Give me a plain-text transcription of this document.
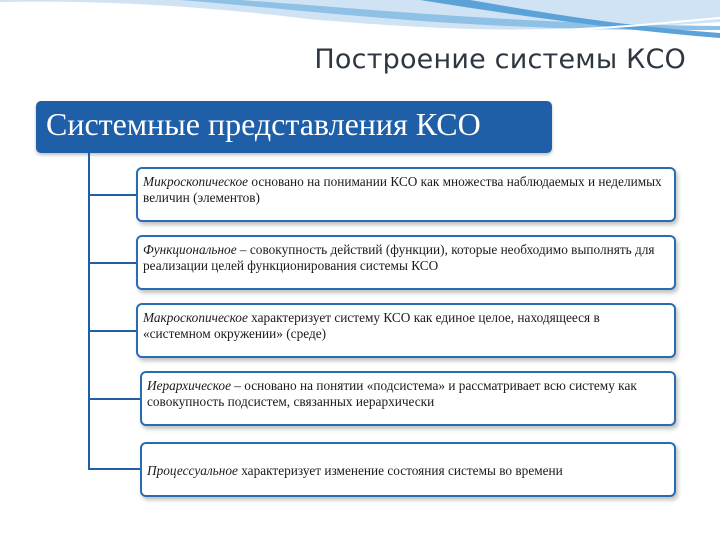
Построение системы КСО
Системные представления КСО
Микроскопическое основано на понимании КСО как множества наблюдаемых и неделимых величин (элементов)
Функциональное – совокупность действий (функции), которые необходимо выполнять для реализации целей функционирования системы КСО
Макроскопическое характеризует систему КСО как единое целое, находящееся в «системном окружении» (среде)
Иерархическое – основано на понятии «подсистема» и рассматривает всю систему как совокупность подсистем, связанных иерархически
Процессуальное характеризует изменение состояния системы во времени
